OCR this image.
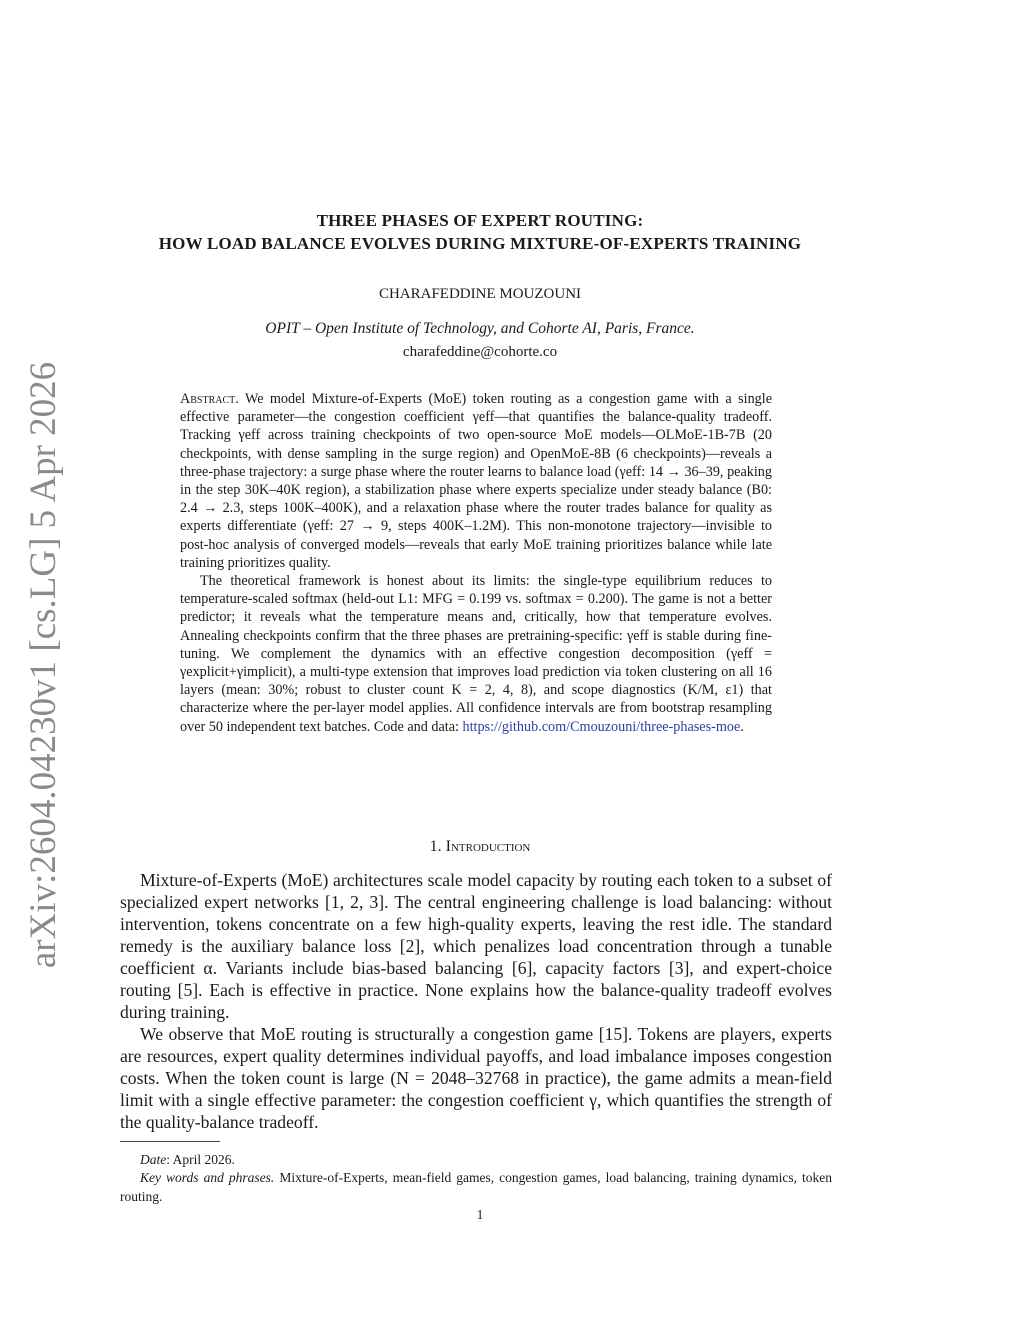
arXiv:2604.04230v1 [cs.LG] 5 Apr 2026
THREE PHASES OF EXPERT ROUTING:
HOW LOAD BALANCE EVOLVES DURING MIXTURE-OF-EXPERTS TRAINING
CHARAFEDDINE MOUZOUNI
OPIT – Open Institute of Technology, and Cohorte AI, Paris, France.
charafeddine@cohorte.co

Abstract. We model Mixture-of-Experts (MoE) token routing as a congestion game with a single effective parameter—the congestion coefficient γeff—that quantifies the balance-quality tradeoff. Tracking γeff across training checkpoints of two open-source MoE models—OLMoE-1B-7B (20 checkpoints, with dense sampling in the surge region) and OpenMoE-8B (6 checkpoints)—reveals a three-phase trajectory: a surge phase where the router learns to balance load (γeff: 14 → 36–39, peaking in the step 30K–40K region), a stabilization phase where experts specialize under steady balance (B0: 2.4 → 2.3, steps 100K–400K), and a relaxation phase where the router trades balance for quality as experts differentiate (γeff: 27 → 9, steps 400K–1.2M). This non-monotone trajectory—invisible to post-hoc analysis of converged models—reveals that early MoE training prioritizes balance while late training prioritizes quality.

The theoretical framework is honest about its limits: the single-type equilibrium reduces to temperature-scaled softmax (held-out L1: MFG = 0.199 vs. softmax = 0.200). The game is not a better predictor; it reveals what the temperature means and, critically, how that temperature evolves. Annealing checkpoints confirm that the three phases are pretraining-specific: γeff is stable during fine-tuning. We complement the dynamics with an effective congestion decomposition (γeff = γexplicit+γimplicit), a multi-type extension that improves load prediction via token clustering on all 16 layers (mean: 30%; robust to cluster count K = 2, 4, 8), and scope diagnostics (K/M, ε1) that characterize where the per-layer model applies. All confidence intervals are from bootstrap resampling over 50 independent text batches. Code and data: https://github.com/Cmouzouni/three-phases-moe.

1. Introduction

Mixture-of-Experts (MoE) architectures scale model capacity by routing each token to a subset of specialized expert networks [1, 2, 3]. The central engineering challenge is load balancing: without intervention, tokens concentrate on a few high-quality experts, leaving the rest idle. The standard remedy is the auxiliary balance loss [2], which penalizes load concentration through a tunable coefficient α. Variants include bias-based balancing [6], capacity factors [3], and expert-choice routing [5]. Each is effective in practice. None explains how the balance-quality tradeoff evolves during training.

We observe that MoE routing is structurally a congestion game [15]. Tokens are players, experts are resources, expert quality determines individual payoffs, and load imbalance imposes congestion costs. When the token count is large (N = 2048–32768 in practice), the game admits a mean-field limit with a single effective parameter: the congestion coefficient γ, which quantifies the strength of the quality-balance tradeoff.

Date: April 2026.
Key words and phrases. Mixture-of-Experts, mean-field games, congestion games, load balancing, training dynamics, token routing.
1
